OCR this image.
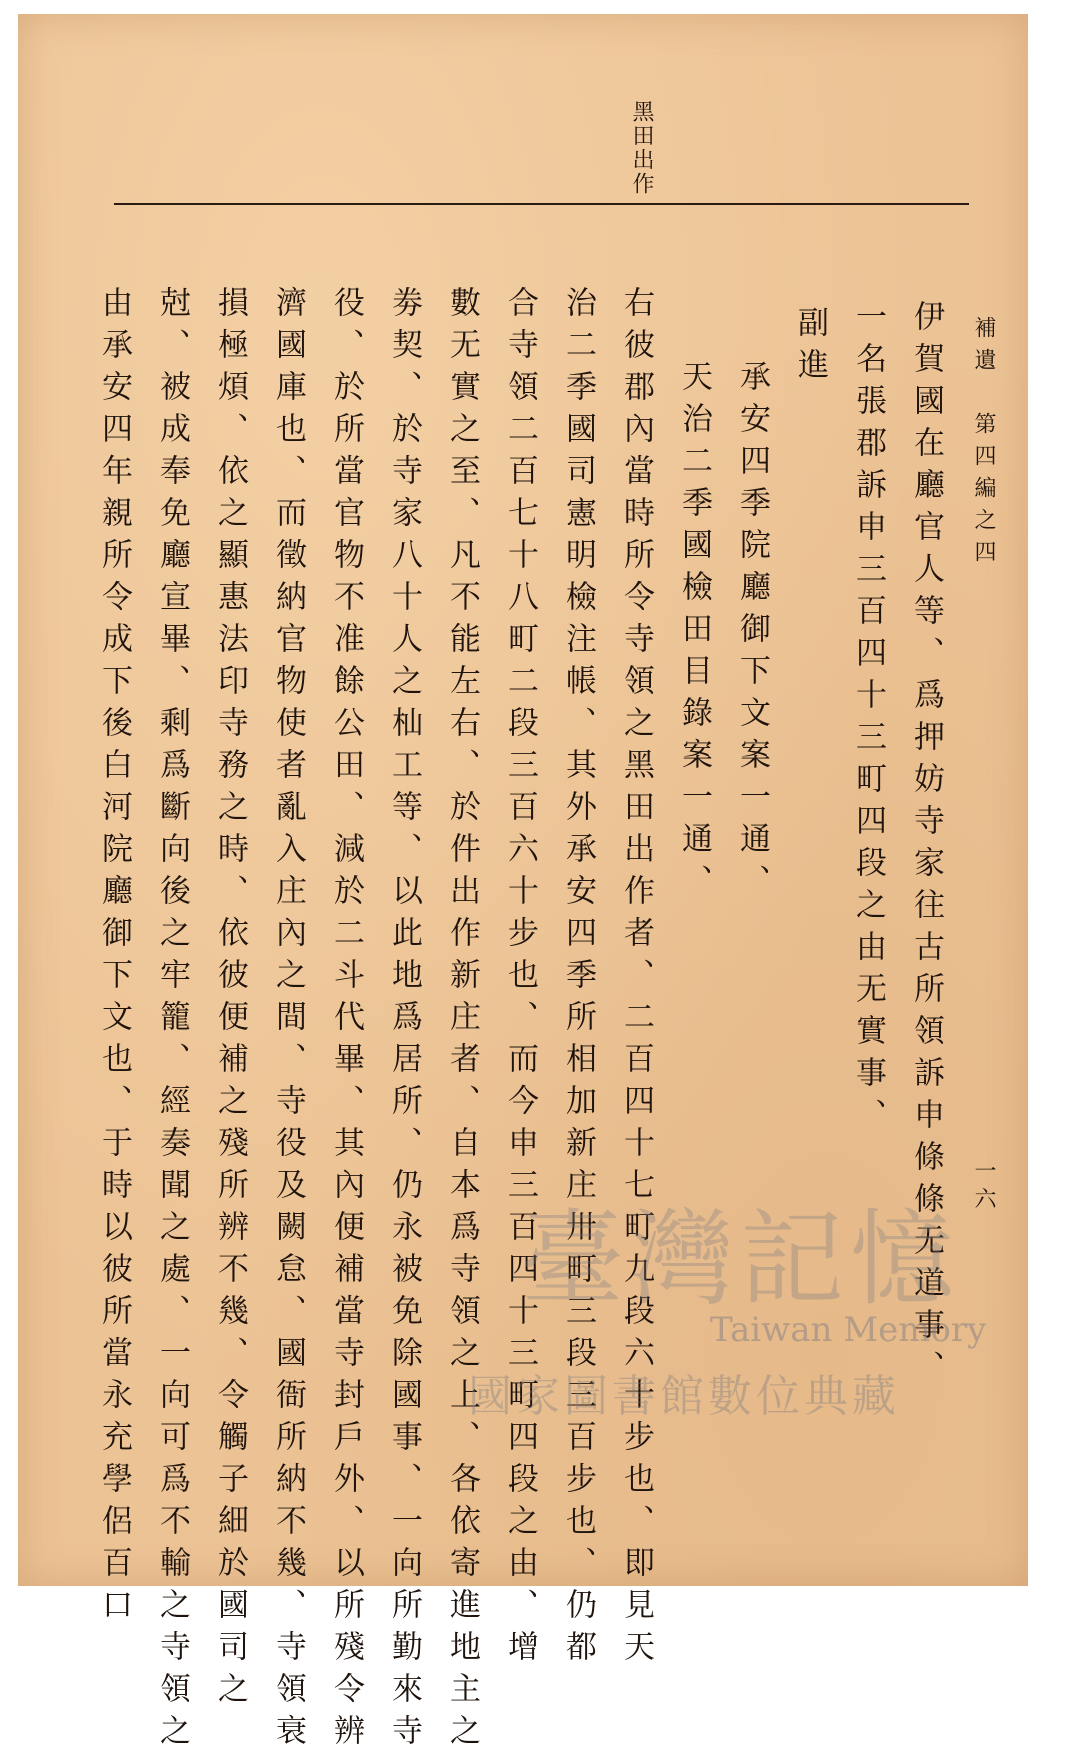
黑田出作
補遺　第四編之四
一六
伊賀國在廳官人等、爲押妨寺家往古所領訴申條條无道事、
一名張郡訴申三百四十三町四段之由无實事、
副進
承安四季院廳御下文案一通、
天治二季國檢田目錄案一通、
右彼郡內當時所令寺領之黑田出作者、二百四十七町九段六十步也、即見天
治二季國司憲明檢注帳、其外承安四季所相加新庄卅町三段三百步也、仍都
合寺領二百七十八町二段三百六十步也、而今申三百四十三町四段之由、增
數无實之至、凡不能左右、於件出作新庄者、自本爲寺領之上、各依寄進地主之
劵契、於寺家八十人之杣工等、以此地爲居所、仍永被免除國事、一向所勤來寺
役、於所當官物不准餘公田、減於二斗代畢、其內便補當寺封戶外、以所殘令辨
濟國庫也、而徵納官物使者亂入庄內之間、寺役及闕怠、國衙所納不幾、寺領衰
損極煩、依之顯惠法印寺務之時、依彼便補之殘所辨不幾、令觸子細於國司之
尅、被成奉免廳宣畢、剩爲斷向後之牢籠、經奏聞之處、一向可爲不輸之寺領之
由承安四年親所令成下後白河院廳御下文也、于時以彼所當永充學侶百口	臺灣記憶
Taiwan Memory
國家圖書館數位典藏
